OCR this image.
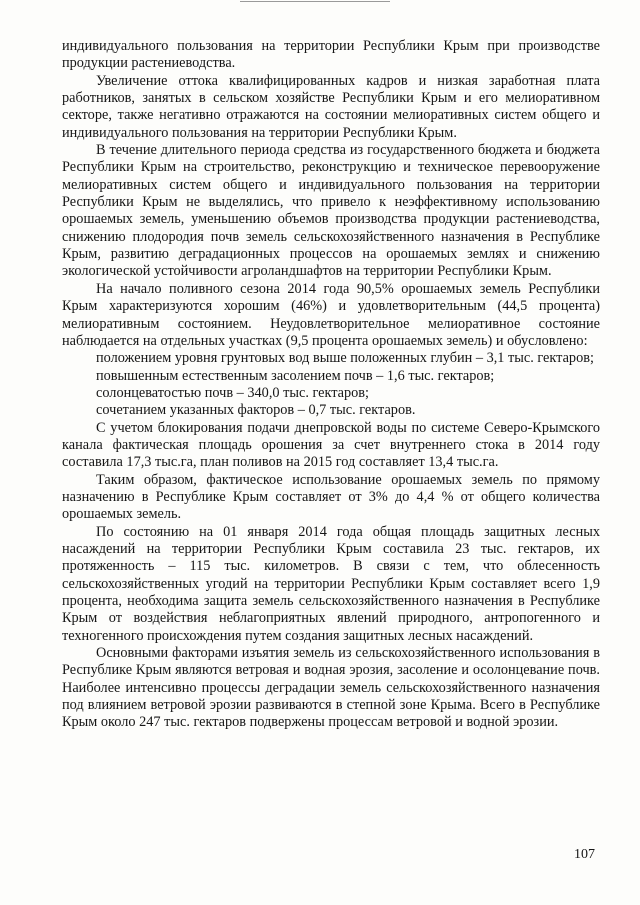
индивидуального пользования на территории Республики Крым при производстве продукции растениеводства.

Увеличение оттока квалифицированных кадров и низкая заработная плата работников, занятых в сельском хозяйстве Республики Крым и его мелиоративном секторе, также негативно отражаются на состоянии мелиоративных систем общего и индивидуального пользования на территории Республики Крым.

В течение длительного периода средства из государственного бюджета и бюджета Республики Крым на строительство, реконструкцию и техническое перевооружение мелиоративных систем общего и индивидуального пользования на территории Республики Крым не выделялись, что привело к неэффективному использованию орошаемых земель, уменьшению объемов производства продукции растениеводства, снижению плодородия почв земель сельскохозяйственного назначения в Республике Крым, развитию деградационных процессов на орошаемых землях и снижению экологической устойчивости агроландшафтов на территории Республики Крым.

На начало поливного сезона 2014 года 90,5% орошаемых земель Республики Крым характеризуются хорошим (46%) и удовлетворительным (44,5 процента) мелиоративным состоянием. Неудовлетворительное мелиоративное состояние наблюдается на отдельных участках (9,5 процента орошаемых земель) и обусловлено:

положением уровня грунтовых вод выше положенных глубин – 3,1 тыс. гектаров;

повышенным естественным засолением почв – 1,6 тыс. гектаров;

солонцеватостью почв – 340,0 тыс. гектаров;

сочетанием указанных факторов – 0,7 тыс. гектаров.

С учетом блокирования подачи днепровской воды по системе Северо-Крымского канала фактическая площадь орошения за счет внутреннего стока в 2014 году составила 17,3 тыс.га, план поливов на 2015 год составляет 13,4 тыс.га.

Таким образом, фактическое использование орошаемых земель по прямому назначению в Республике Крым составляет от 3% до 4,4 % от общего количества орошаемых земель.

По состоянию на 01 января 2014 года общая площадь защитных лесных насаждений на территории Республики Крым составила 23 тыс. гектаров, их протяженность – 115 тыс. километров. В связи с тем, что облесенность сельскохозяйственных угодий на территории Республики Крым составляет всего 1,9 процента, необходима защита земель сельскохозяйственного назначения в Республике Крым от воздействия неблагоприятных явлений природного, антропогенного и техногенного происхождения путем создания защитных лесных насаждений.

Основными факторами изъятия земель из сельскохозяйственного использования в Республике Крым являются ветровая и водная эрозия, засоление и осолонцевание почв. Наиболее интенсивно процессы деградации земель сельскохозяйственного назначения под влиянием ветровой эрозии развиваются в степной зоне Крыма. Всего в Республике Крым около 247 тыс. гектаров подвержены процессам ветровой и водной эрозии.

107
